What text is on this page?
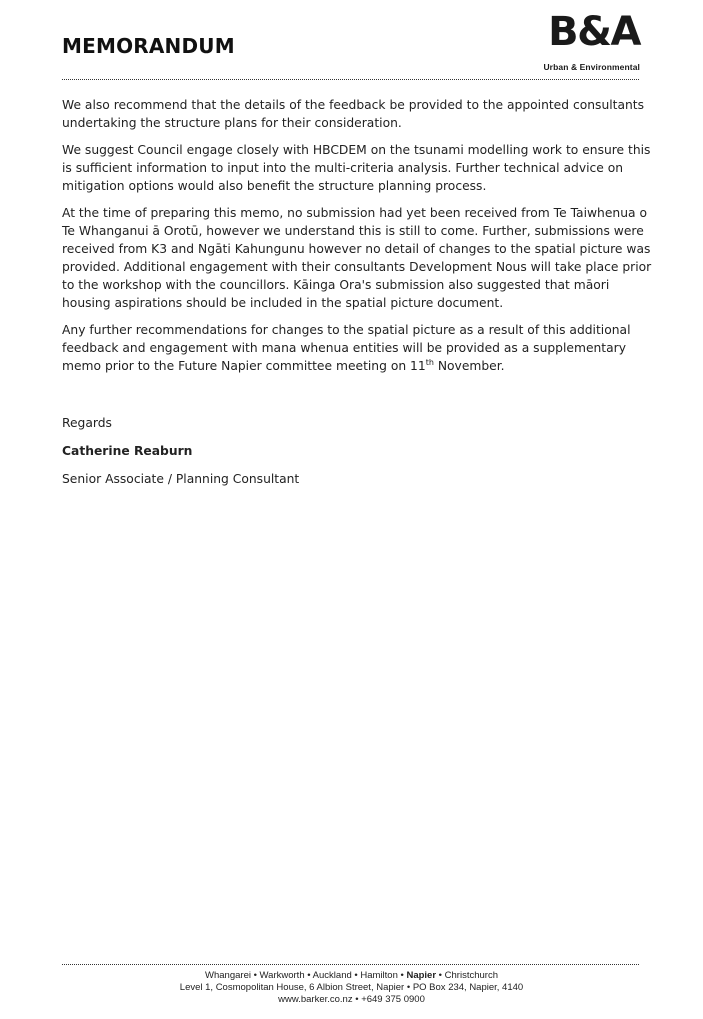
MEMORANDUM	B&A
Urban & Environmental

We also recommend that the details of the feedback be provided to the appointed consultants undertaking the structure plans for their consideration.

We suggest Council engage closely with HBCDEM on the tsunami modelling work to ensure this is sufficient information to input into the multi-criteria analysis. Further technical advice on mitigation options would also benefit the structure planning process.

At the time of preparing this memo, no submission had yet been received from Te Taiwhenua o Te Whanganui ā Orotū, however we understand this is still to come. Further, submissions were received from K3 and Ngāti Kahungunu however no detail of changes to the spatial picture was provided. Additional engagement with their consultants Development Nous will take place prior to the workshop with the councillors. Kāinga Ora's submission also suggested that māori housing aspirations should be included in the spatial picture document.

Any further recommendations for changes to the spatial picture as a result of this additional feedback and engagement with mana whenua entities will be provided as a supplementary memo prior to the Future Napier committee meeting on 11th November.

Regards
Catherine Reaburn
Senior Associate / Planning Consultant
Whangarei • Warkworth • Auckland • Hamilton • Napier • Christchurch
Level 1, Cosmopolitan House, 6 Albion Street, Napier • PO Box 234, Napier, 4140
www.barker.co.nz • +649 375 0900
